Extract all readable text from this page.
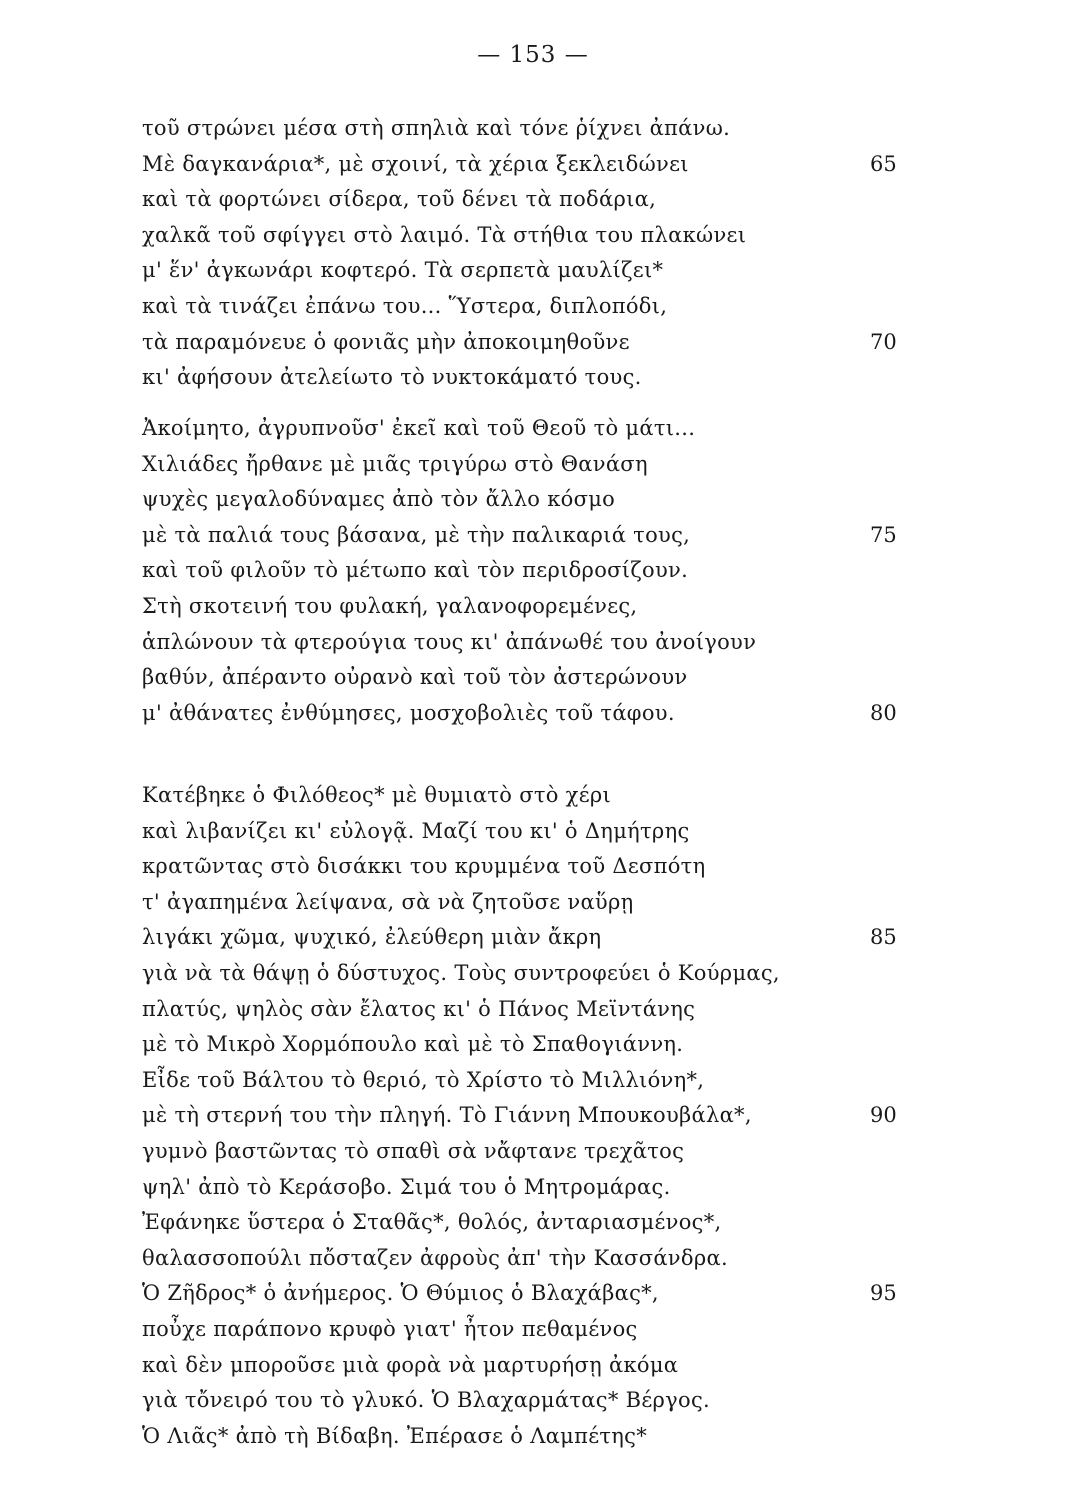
— 153 —
τοῦ στρώνει μέσα στὴ σπηλιὰ καὶ τόνε ῥίχνει ἀπάνω.
Μὲ δαγκανάρια*, μὲ σχοινί, τὰ χέρια ξεκλειδώνει	65
καὶ τὰ φορτώνει σίδερα, τοῦ δένει τὰ ποδάρια,
χαλκᾶ τοῦ σφίγγει στὸ λαιμό. Τὰ στήθια του πλακώνει
μ' ἕν' ἀγκωνάρι κοφτερό. Τὰ σερπετὰ μαυλίζει*
καὶ τὰ τινάζει ἐπάνω του... Ὕστερα, διπλοπόδι,
τὰ παραμόνευε ὁ φονιᾶς μὴν ἀποκοιμηθοῦνε	70
κι' ἀφήσουν ἀτελείωτο τὸ νυκτοκάματό τους.
Ἀκοίμητο, ἀγρυπνοῦσ' ἐκεῖ καὶ τοῦ Θεοῦ τὸ μάτι...
Χιλιάδες ἤρθανε μὲ μιᾶς τριγύρω στὸ Θανάση
ψυχὲς μεγαλοδύναμες ἀπὸ τὸν ἄλλο κόσμο
μὲ τὰ παλιά τους βάσανα, μὲ τὴν παλικαριά τους,	75
καὶ τοῦ φιλοῦν τὸ μέτωπο καὶ τὸν περιδροσίζουν.
Στὴ σκοτεινή του φυλακή, γαλανοφορεμένες,
ἁπλώνουν τὰ φτερούγια τους κι' ἀπάνωθέ του ἀνοίγουν
βαθύν, ἀπέραντο οὐρανὸ καὶ τοῦ τὸν ἀστερώνουν
μ' ἀθάνατες ἐνθύμησες, μοσχοβολιὲς τοῦ τάφου.	80
Κατέβηκε ὁ Φιλόθεος* μὲ θυμιατὸ στὸ χέρι
καὶ λιβανίζει κι' εὐλογᾷ. Μαζί του κι' ὁ Δημήτρης
κρατῶντας στὸ δισάκκι του κρυμμένα τοῦ Δεσπότη
τ' ἀγαπημένα λείψανα, σὰ νὰ ζητοῦσε ναὕρῃ
λιγάκι χῶμα, ψυχικό, ἐλεύθερη μιὰν ἄκρη	85
γιὰ νὰ τὰ θάψῃ ὁ δύστυχος. Τοὺς συντροφεύει ὁ Κούρμας,
πλατύς, ψηλὸς σὰν ἔλατος κι' ὁ Πάνος Μεϊντάνης
μὲ τὸ Μικρὸ Χορμόπουλο καὶ μὲ τὸ Σπαθογιάννη.
Εἶδε τοῦ Βάλτου τὸ θεριό, τὸ Χρίστο τὸ Μιλλιόνη*,
μὲ τὴ στερνή του τὴν πληγή. Τὸ Γιάννη Μπουκουβάλα*,	90
γυμνὸ βαστῶντας τὸ σπαθὶ σὰ νἄφτανε τρεχᾶτος
ψηλ' ἀπὸ τὸ Κεράσοβο. Σιμά του ὁ Μητρομάρας.
Ἐφάνηκε ὕστερα ὁ Σταθᾶς*, θολός, ἀνταριασμένος*,
θαλασσοπούλι πὄσταζεν ἀφροὺς ἀπ' τὴν Κασσάνδρα.
Ὁ Ζῆδρος* ὁ ἀνήμερος. Ὁ Θύμιος ὁ Βλαχάβας*,	95
ποὖχε παράπονο κρυφὸ γιατ' ἦτον πεθαμένος
καὶ δὲν μποροῦσε μιὰ φορὰ νὰ μαρτυρήσῃ ἀκόμα
γιὰ τὄνειρό του τὸ γλυκό. Ὁ Βλαχαρμάτας* Βέργος.
Ὁ Λιᾶς* ἀπὸ τὴ Βίδαβη. Ἐπέρασε ὁ Λαμπέτης*
